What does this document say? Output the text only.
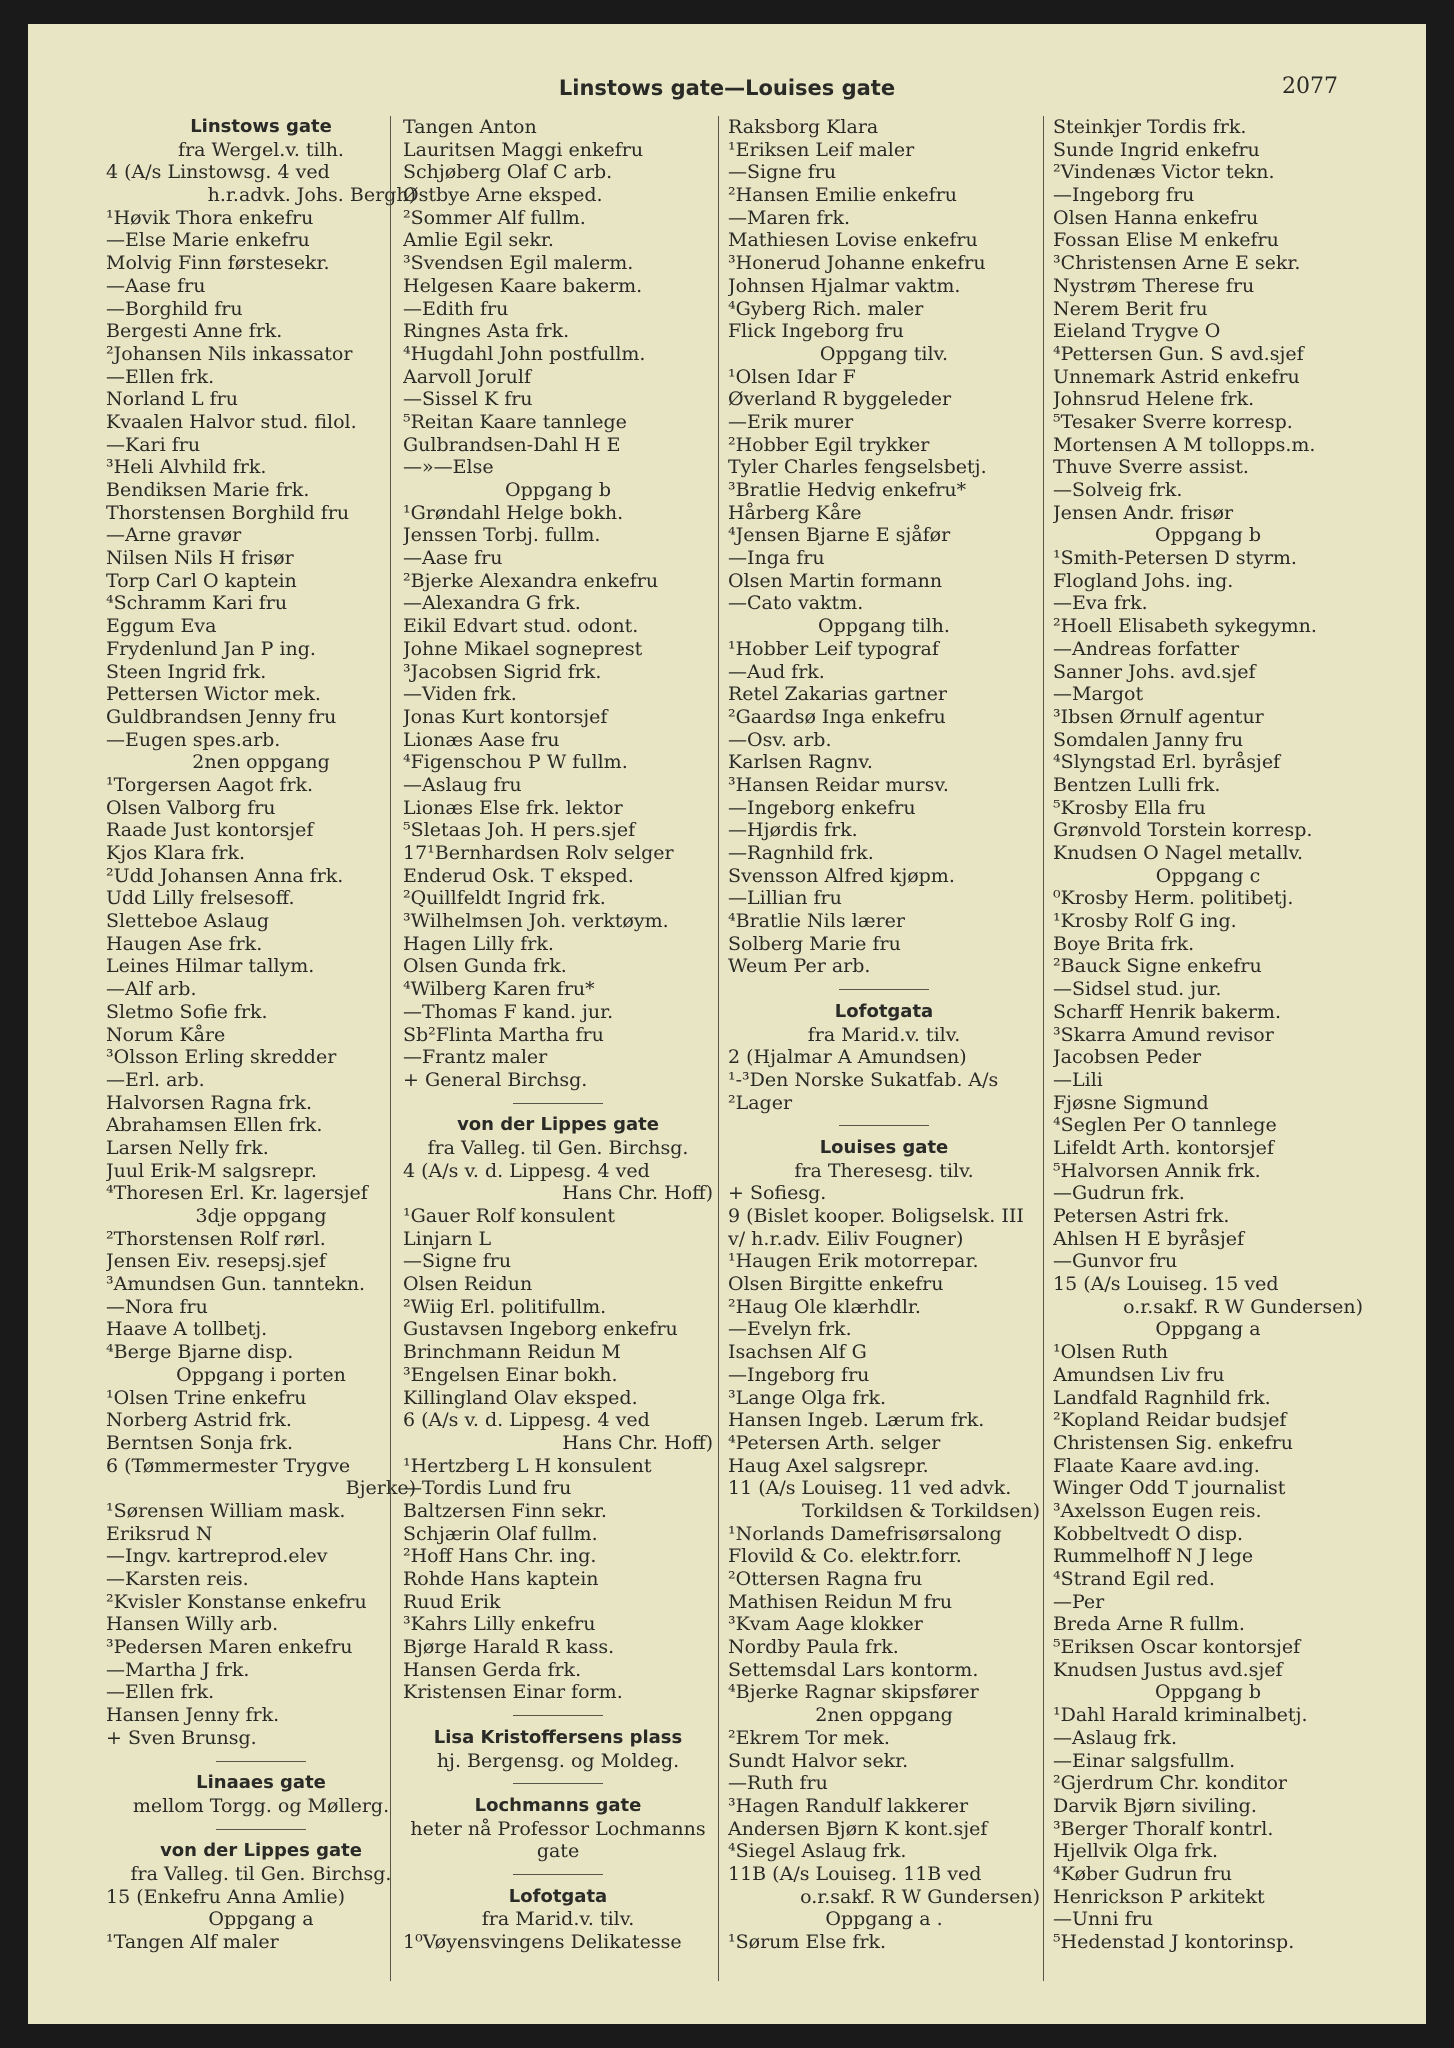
Linstows gate—Louises gate	2077
Linstows gate
fra Wergel.v. tilh.
4 (A/s Linstowsg. 4 ved
h.r.advk. Johs. Bergh)
¹Høvik Thora enkefru
—Else Marie enkefru
Molvig Finn førstesekr.
—Aase fru
—Borghild fru
Bergesti Anne frk.
²Johansen Nils inkassator
—Ellen frk.
Norland L fru
Kvaalen Halvor stud. filol.
—Kari fru
³Heli Alvhild frk.
Bendiksen Marie frk.
Thorstensen Borghild fru
—Arne gravør
Nilsen Nils H frisør
Torp Carl O kaptein
⁴Schramm Kari fru
Eggum Eva
Frydenlund Jan P ing.
Steen Ingrid frk.
Pettersen Wictor mek.
Guldbrandsen Jenny fru
—Eugen spes.arb.
2nen oppgang
¹Torgersen Aagot frk.
Olsen Valborg fru
Raade Just kontorsjef
Kjos Klara frk.
²Udd Johansen Anna frk.
Udd Lilly frelsesoff.
Sletteboe Aslaug
Haugen Ase frk.
Leines Hilmar tallym.
—Alf arb.
Sletmo Sofie frk.
Norum Kåre
³Olsson Erling skredder
—Erl. arb.
Halvorsen Ragna frk.
Abrahamsen Ellen frk.
Larsen Nelly frk.
Juul Erik-M salgsrepr.
⁴Thoresen Erl. Kr. lagersjef
3dje oppgang
²Thorstensen Rolf rørl.
Jensen Eiv. resepsj.sjef
³Amundsen Gun. tanntekn.
—Nora fru
Haave A tollbetj.
⁴Berge Bjarne disp.
Oppgang i porten
¹Olsen Trine enkefru
Norberg Astrid frk.
Berntsen Sonja frk.
6 (Tømmermester Trygve
Bjerke)
¹Sørensen William mask.
Eriksrud N
—Ingv. kartreprod.elev
—Karsten reis.
²Kvisler Konstanse enkefru
Hansen Willy arb.
³Pedersen Maren enkefru
—Martha J frk.
—Ellen frk.
Hansen Jenny frk.
+ Sven Brunsg.
Linaaes gate
mellom Torgg. og Møllerg.
von der Lippes gate
fra Valleg. til Gen. Birchsg.
15 (Enkefru Anna Amlie)
Oppgang a
¹Tangen Alf maler
Tangen Anton
Lauritsen Maggi enkefru
Schjøberg Olaf C arb.
Østbye Arne eksped.
²Sommer Alf fullm.
Amlie Egil sekr.
³Svendsen Egil malerm.
Helgesen Kaare bakerm.
—Edith fru
Ringnes Asta frk.
⁴Hugdahl John postfullm.
Aarvoll Jorulf
—Sissel K fru
⁵Reitan Kaare tannlege
Gulbrandsen-Dahl H E
—»—Else
Oppgang b
¹Grøndahl Helge bokh.
Jenssen Torbj. fullm.
—Aase fru
²Bjerke Alexandra enkefru
—Alexandra G frk.
Eikil Edvart stud. odont.
Johne Mikael sogneprest
³Jacobsen Sigrid frk.
—Viden frk.
Jonas Kurt kontorsjef
Lionæs Aase fru
⁴Figenschou P W fullm.
—Aslaug fru
Lionæs Else frk. lektor
⁵Sletaas Joh. H pers.sjef
17¹Bernhardsen Rolv selger
Enderud Osk. T eksped.
²Quillfeldt Ingrid frk.
³Wilhelmsen Joh. verktøym.
Hagen Lilly frk.
Olsen Gunda frk.
⁴Wilberg Karen fru*
—Thomas F kand. jur.
Sb²Flinta Martha fru
—Frantz maler
+ General Birchsg.
von der Lippes gate
fra Valleg. til Gen. Birchsg.
4 (A/s v. d. Lippesg. 4 ved
Hans Chr. Hoff)
¹Gauer Rolf konsulent
Linjarn L
—Signe fru
Olsen Reidun
²Wiig Erl. politifullm.
Gustavsen Ingeborg enkefru
Brinchmann Reidun M
³Engelsen Einar bokh.
Killingland Olav eksped.
6 (A/s v. d. Lippesg. 4 ved
Hans Chr. Hoff)
¹Hertzberg L H konsulent
—Tordis Lund fru
Baltzersen Finn sekr.
Schjærin Olaf fullm.
²Hoff Hans Chr. ing.
Rohde Hans kaptein
Ruud Erik
³Kahrs Lilly enkefru
Bjørge Harald R kass.
Hansen Gerda frk.
Kristensen Einar form.
Lisa Kristoffersens plass
hj. Bergensg. og Moldeg.
Lochmanns gate
heter nå Professor Lochmanns
gate
Lofotgata
fra Marid.v. tilv.
1⁰Vøyensvingens Delikatesse
Raksborg Klara
¹Eriksen Leif maler
—Signe fru
²Hansen Emilie enkefru
—Maren frk.
Mathiesen Lovise enkefru
³Honerud Johanne enkefru
Johnsen Hjalmar vaktm.
⁴Gyberg Rich. maler
Flick Ingeborg fru
Oppgang tilv.
¹Olsen Idar F
Øverland R byggeleder
—Erik murer
²Hobber Egil trykker
Tyler Charles fengselsbetj.
³Bratlie Hedvig enkefru*
Hårberg Kåre
⁴Jensen Bjarne E sjåfør
—Inga fru
Olsen Martin formann
—Cato vaktm.
Oppgang tilh.
¹Hobber Leif typograf
—Aud frk.
Retel Zakarias gartner
²Gaardsø Inga enkefru
—Osv. arb.
Karlsen Ragnv.
³Hansen Reidar mursv.
—Ingeborg enkefru
—Hjørdis frk.
—Ragnhild frk.
Svensson Alfred kjøpm.
—Lillian fru
⁴Bratlie Nils lærer
Solberg Marie fru
Weum Per arb.
Lofotgata
fra Marid.v. tilv.
2 (Hjalmar A Amundsen)
¹-³Den Norske Sukatfab. A/s
²Lager
Louises gate
fra Theresesg. tilv.
+ Sofiesg.
9 (Bislet kooper. Boligselsk. III
v/ h.r.adv. Eiliv Fougner)
¹Haugen Erik motorrepar.
Olsen Birgitte enkefru
²Haug Ole klærhdlr.
—Evelyn frk.
Isachsen Alf G
—Ingeborg fru
³Lange Olga frk.
Hansen Ingeb. Lærum frk.
⁴Petersen Arth. selger
Haug Axel salgsrepr.
11 (A/s Louiseg. 11 ved advk.
Torkildsen & Torkildsen)
¹Norlands Damefrisørsalong
Flovild & Co. elektr.forr.
²Ottersen Ragna fru
Mathisen Reidun M fru
³Kvam Aage klokker
Nordby Paula frk.
Settemsdal Lars kontorm.
⁴Bjerke Ragnar skipsfører
2nen oppgang
²Ekrem Tor mek.
Sundt Halvor sekr.
—Ruth fru
³Hagen Randulf lakkerer
Andersen Bjørn K kont.sjef
⁴Siegel Aslaug frk.
11B (A/s Louiseg. 11B ved
o.r.sakf. R W Gundersen)
Oppgang a .
¹Sørum Else frk.
Steinkjer Tordis frk.
Sunde Ingrid enkefru
²Vindenæs Victor tekn.
—Ingeborg fru
Olsen Hanna enkefru
Fossan Elise M enkefru
³Christensen Arne E sekr.
Nystrøm Therese fru
Nerem Berit fru
Eieland Trygve O
⁴Pettersen Gun. S avd.sjef
Unnemark Astrid enkefru
Johnsrud Helene frk.
⁵Tesaker Sverre korresp.
Mortensen A M tollopps.m.
Thuve Sverre assist.
—Solveig frk.
Jensen Andr. frisør
Oppgang b
¹Smith-Petersen D styrm.
Flogland Johs. ing.
—Eva frk.
²Hoell Elisabeth sykegymn.
—Andreas forfatter
Sanner Johs. avd.sjef
—Margot
³Ibsen Ørnulf agentur
Somdalen Janny fru
⁴Slyngstad Erl. byråsjef
Bentzen Lulli frk.
⁵Krosby Ella fru
Grønvold Torstein korresp.
Knudsen O Nagel metallv.
Oppgang c
⁰Krosby Herm. politibetj.
¹Krosby Rolf G ing.
Boye Brita frk.
²Bauck Signe enkefru
—Sidsel stud. jur.
Scharff Henrik bakerm.
³Skarra Amund revisor
Jacobsen Peder
—Lili
Fjøsne Sigmund
⁴Seglen Per O tannlege
Lifeldt Arth. kontorsjef
⁵Halvorsen Annik frk.
—Gudrun frk.
Petersen Astri frk.
Ahlsen H E byråsjef
—Gunvor fru
15 (A/s Louiseg. 15 ved
o.r.sakf. R W Gundersen)
Oppgang a
¹Olsen Ruth
Amundsen Liv fru
Landfald Ragnhild frk.
²Kopland Reidar budsjef
Christensen Sig. enkefru
Flaate Kaare avd.ing.
Winger Odd T journalist
³Axelsson Eugen reis.
Kobbeltvedt O disp.
Rummelhoff N J lege
⁴Strand Egil red.
—Per
Breda Arne R fullm.
⁵Eriksen Oscar kontorsjef
Knudsen Justus avd.sjef
Oppgang b
¹Dahl Harald kriminalbetj.
—Aslaug frk.
—Einar salgsfullm.
²Gjerdrum Chr. konditor
Darvik Bjørn siviling.
³Berger Thoralf kontrl.
Hjellvik Olga frk.
⁴Køber Gudrun fru
Henrickson P arkitekt
—Unni fru
⁵Hedenstad J kontorinsp.
